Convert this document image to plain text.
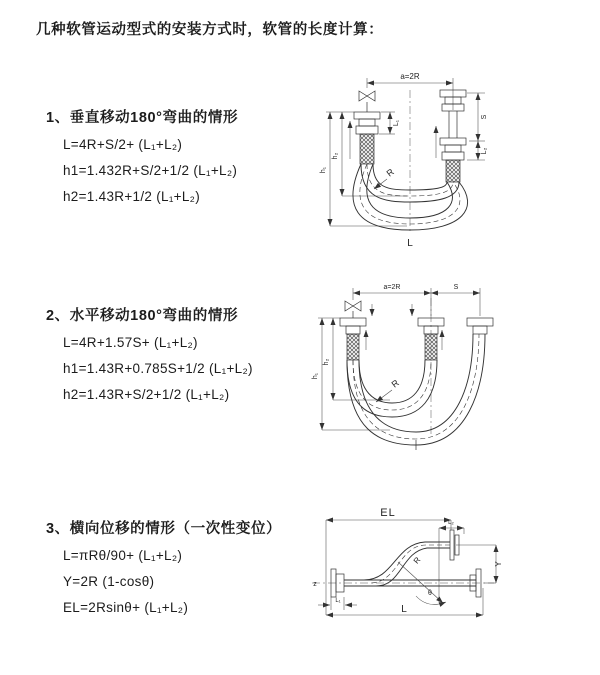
几种软管运动型式的安装方式时，软管的长度计算：
1、垂直移动180°弯曲的情形
L=4R+S/2+ (L₁+L₂)
h1=1.432R+S/2+1/2 (L₁+L₂)
h2=1.43R+1/2 (L₁+L₂)
2、水平移动180°弯曲的情形
L=4R+1.57S+ (L₁+L₂)
h1=1.43R+0.785S+1/2 (L₁+L₂)
h2=1.43R+S/2+1/2 (L₁+L₂)
3、横向位移的情形（一次性变位）
L=πRθ/90+ (L₁+L₂)
Y=2R (1-cosθ)
EL=2Rsinθ+ (L₁+L₂)
a=2R
L₁
S
L₂
h₂
h₁	R
L
a=2R	S
h₁
h₂
R
EL
L₂
Y
L
L₁
R
θ
z
